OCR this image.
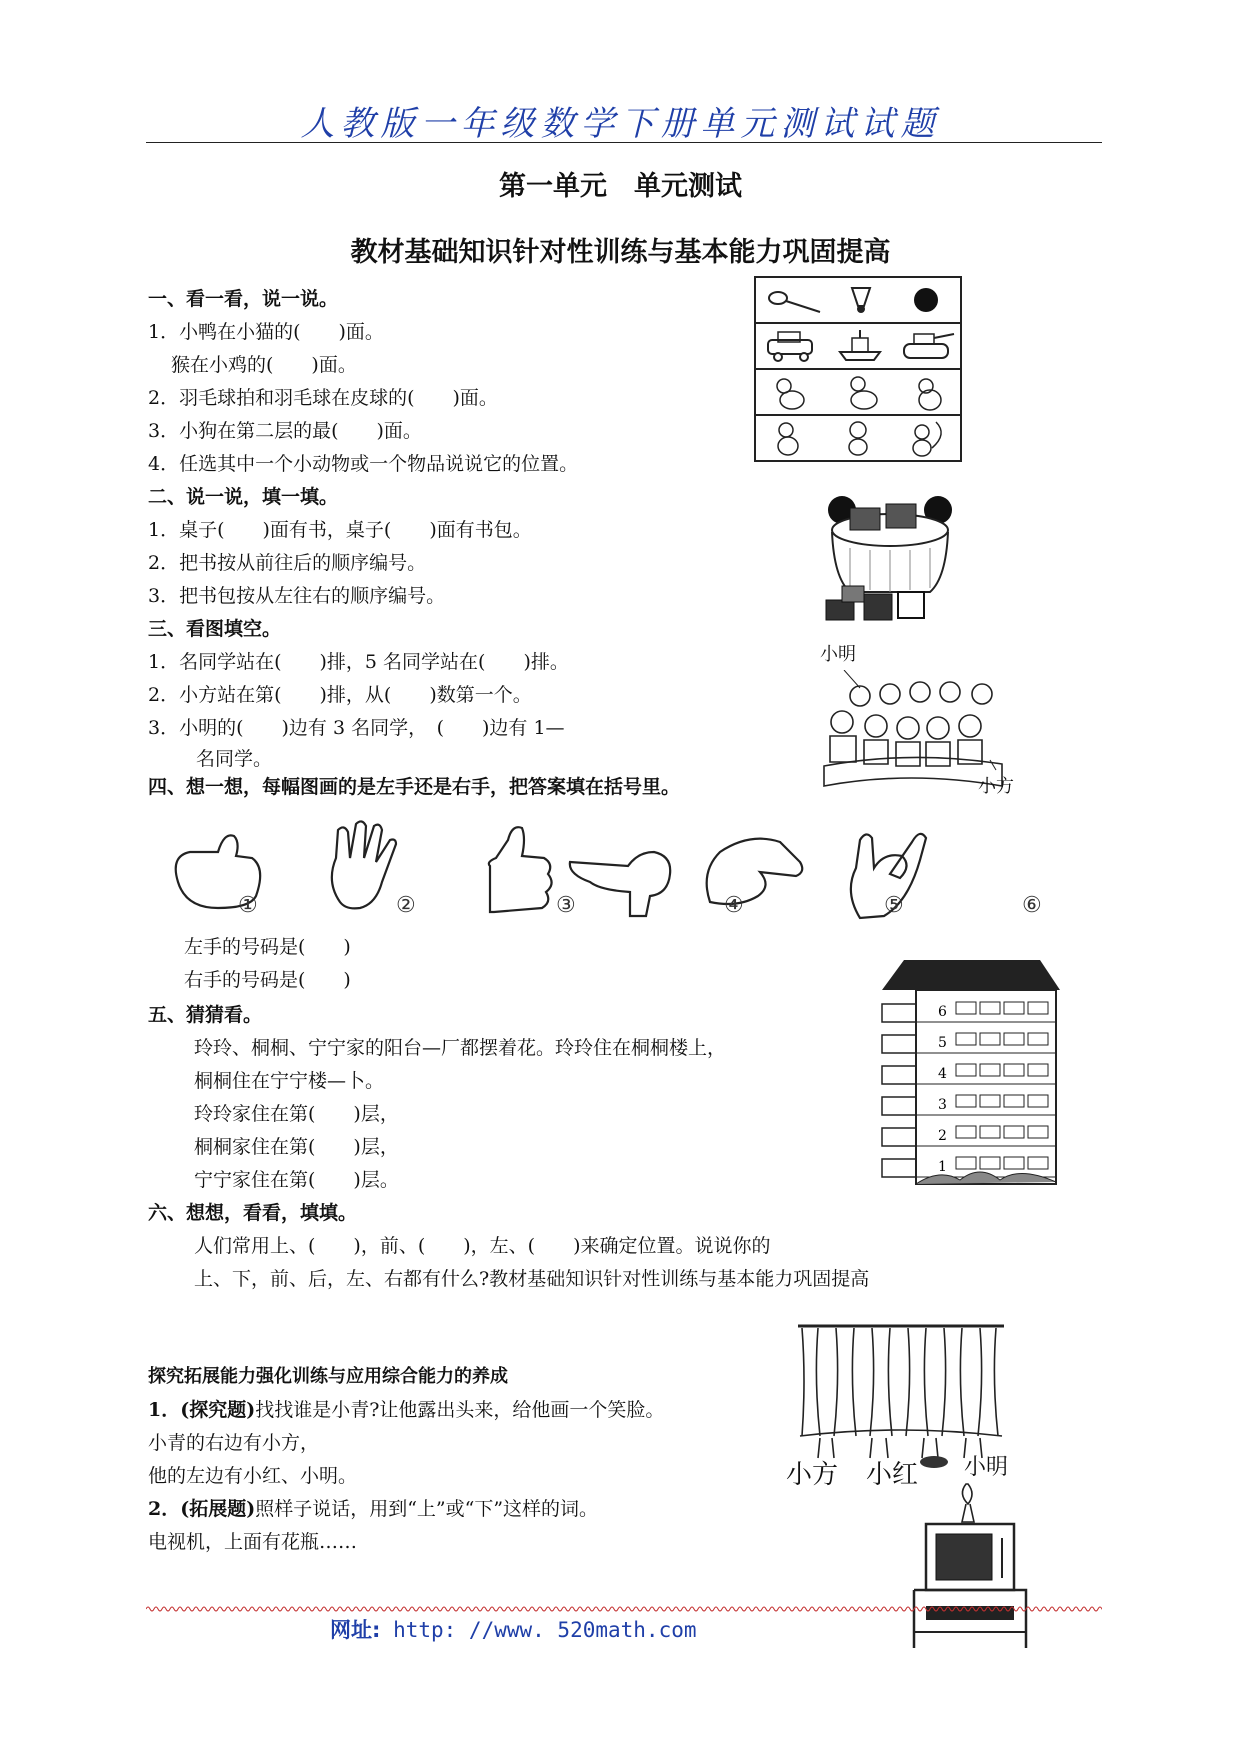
人教版一年级数学下册单元测试试题
第一单元　单元测试
教材基础知识针对性训练与基本能力巩固提高
一、看一看，说一说。
1．小鸭在小猫的(　　)面。
猴在小鸡的(　　)面。
2．羽毛球拍和羽毛球在皮球的(　　)面。
3．小狗在第二层的最(　　)面。
4．任选其中一个小动物或一个物品说说它的位置。
二、说一说，填一填。
1．桌子(　　)面有书，桌子(　　)面有书包。
2．把书按从前往后的顺序编号。
3．把书包按从左往右的顺序编号。
三、看图填空。
1．名同学站在(　　)排，5 名同学站在(　　)排。
2．小方站在第(　　)排，从(　　)数第一个。
3．小明的(　　)边有 3 名同学，　(　　)边有 1—
名同学。
小明
小方
四、想一想，每幅图画的是左手还是右手，把答案填在括号里。
①	②	③	④	⑤	⑥
左手的号码是(　　)
右手的号码是(　　)
五、猜猜看。
玲玲、桐桐、宁宁家的阳台—厂都摆着花。玲玲住在桐桐楼上，
桐桐住在宁宁楼—卜。
玲玲家住在第(　　)层，
桐桐家住在第(　　)层，
宁宁家住在第(　　)层。
6
5
4
3
2
1
六、想想，看看，填填。
人们常用上、(　　)，前、(　　)，左、(　　)来确定位置。说说你的
上、下，前、后，左、右都有什么?教材基础知识针对性训练与基本能力巩固提高
探究拓展能力强化训练与应用综合能力的养成
1．(探究题)找找谁是小青?让他露出头来，给他画一个笑脸。
小青的右边有小方，
他的左边有小红、小明。
2．(拓展题)照样子说话，用到“上”或“下”这样的词。
电视机，上面有花瓶……
小方 小红 小明
网址: http: //www. 520math.com
